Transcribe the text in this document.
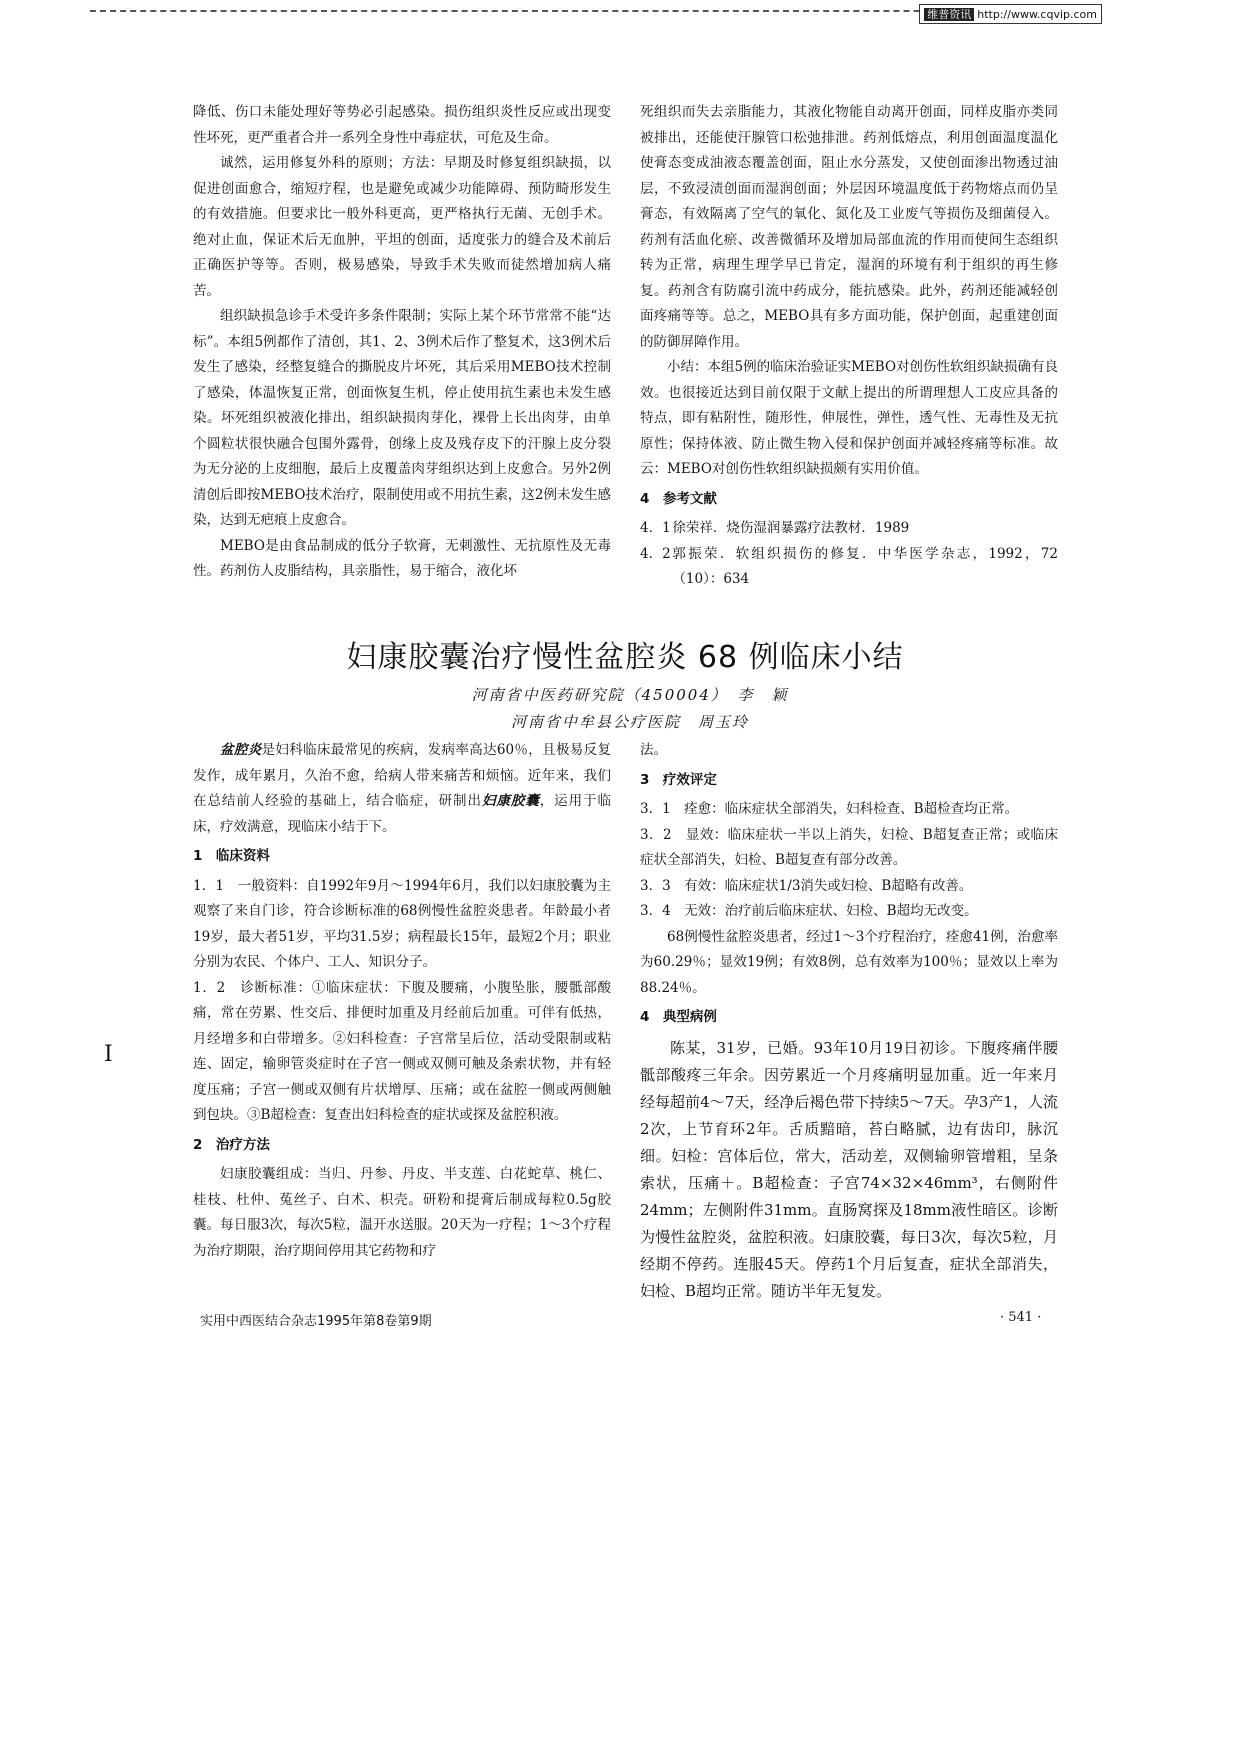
维普资讯 http://www.cqvip.com

降低、伤口未能处理好等势必引起感染。损伤组织炎性反应或出现变性坏死，更严重者合并一系列全身性中毒症状，可危及生命。

诚然，运用修复外科的原则；方法：早期及时修复组织缺损，以促进创面愈合，缩短疗程，也是避免或减少功能障碍、预防畸形发生的有效措施。但要求比一般外科更高，更严格执行无菌、无创手术。绝对止血，保证术后无血肿，平坦的创面，适度张力的缝合及术前后正确医护等等。否则，极易感染，导致手术失败而徒然增加病人痛苦。

组织缺损急诊手术受许多条件限制；实际上某个环节常常不能“达标”。本组5例都作了清创，其1、2、3例术后作了整复术，这3例术后发生了感染，经整复缝合的撕脱皮片坏死，其后采用MEBO技术控制了感染，体温恢复正常，创面恢复生机，停止使用抗生素也未发生感染。坏死组织被液化排出，组织缺损肉芽化，裸骨上长出肉芽，由单个圆粒状很快融合包围外露骨，创缘上皮及残存皮下的汗腺上皮分裂为无分泌的上皮细胞，最后上皮覆盖肉芽组织达到上皮愈合。另外2例清创后即按MEBO技术治疗，限制使用或不用抗生素，这2例未发生感染，达到无疤痕上皮愈合。

MEBO是由食品制成的低分子软膏，无刺激性、无抗原性及无毒性。药剂仿人皮脂结构，具亲脂性，易于缩合，液化坏

死组织而失去亲脂能力，其液化物能自动离开创面，同样皮脂亦类同被排出，还能使汗腺管口松弛排泄。药剂低熔点，利用创面温度温化使膏态变成油液态覆盖创面，阻止水分蒸发，又使创面渗出物透过油层，不致浸渍创面而湿润创面；外层因环境温度低于药物熔点而仍呈膏态，有效隔离了空气的氧化、氮化及工业废气等损伤及细菌侵入。药剂有活血化瘀、改善微循环及增加局部血流的作用而使间生态组织转为正常，病理生理学早已肯定，湿润的环境有利于组织的再生修复。药剂含有防腐引流中药成分，能抗感染。此外，药剂还能减轻创面疼痛等等。总之，MEBO具有多方面功能，保护创面，起重建创面的防御屏障作用。

小结：本组5例的临床治验证实MEBO对创伤性软组织缺损确有良效。也很接近达到目前仅限于文献上提出的所谓理想人工皮应具备的特点，即有粘附性，随形性，伸展性，弹性，透气性、无毒性及无抗原性；保持体液、防止微生物入侵和保护创面并减轻疼痛等标准。故云：MEBO对创伤性软组织缺损颇有实用价值。

4　参考文献
4．1 徐荣祥．烧伤湿润暴露疗法教材．1989
4．2 郭振荣．软组织损伤的修复．中华医学杂志，1992，72（10）：634
妇康胶囊治疗慢性盆腔炎 68 例临床小结
河南省中医药研究院（450004）　李　颖
河南省中牟县公疗医院　周玉玲

盆腔炎是妇科临床最常见的疾病，发病率高达60％，且极易反复发作，成年累月，久治不愈，给病人带来痛苦和烦恼。近年来，我们在总结前人经验的基础上，结合临症，研制出妇康胶囊，运用于临床，疗效满意，现临床小结于下。

1　临床资料

1．1　一般资料：自1992年9月～1994年6月，我们以妇康胶囊为主观察了来自门诊，符合诊断标准的68例慢性盆腔炎患者。年龄最小者19岁，最大者51岁，平均31.5岁；病程最长15年，最短2个月；职业分别为农民、个体户、工人、知识分子。

1．2　诊断标准：①临床症状：下腹及腰痛，小腹坠胀，腰骶部酸痛，常在劳累、性交后、排便时加重及月经前后加重。可伴有低热，月经增多和白带增多。②妇科检查：子宫常呈后位，活动受限制或粘连、固定，输卵管炎症时在子宫一侧或双侧可触及条索状物，并有轻度压痛；子宫一侧或双侧有片状增厚、压痛；或在盆腔一侧或两侧触到包块。③B超检查：复查出妇科检查的症状或探及盆腔积液。

2　治疗方法

妇康胶囊组成：当归、丹参、丹皮、半支莲、白花蛇草、桃仁、桂枝、杜仲、菟丝子、白术、枳壳。研粉和提膏后制成每粒0.5g胶囊。每日服3次，每次5粒，温开水送服。20天为一疗程；1～3个疗程为治疗期限，治疗期间停用其它药物和疗

法。

3　疗效评定

3．1　痊愈：临床症状全部消失，妇科检查、B超检查均正常。

3．2　显效：临床症状一半以上消失，妇检、B超复查正常；或临床症状全部消失，妇检、B超复查有部分改善。

3．3　有效：临床症状1/3消失或妇检、B超略有改善。

3．4　无效：治疗前后临床症状、妇检、B超均无改变。

68例慢性盆腔炎患者，经过1～3个疗程治疗，痊愈41例，治愈率为60.29％；显效19例；有效8例，总有效率为100％；显效以上率为88.24％。

4　典型病例

陈某，31岁，已婚。93年10月19日初诊。下腹疼痛伴腰骶部酸疼三年余。因劳累近一个月疼痛明显加重。近一年来月经每超前4～7天，经净后褐色带下持续5～7天。孕3产1，人流2次，上节育环2年。舌质黯暗，苔白略腻，边有齿印，脉沉细。妇检：宫体后位，常大，活动差，双侧输卵管增粗，呈条索状，压痛＋。B超检查：子宫74×32×46mm³，右侧附件24mm；左侧附件31mm。直肠窝探及18mm液性暗区。诊断为慢性盆腔炎，盆腔积液。妇康胶囊，每日3次，每次5粒，月经期不停药。连服45天。停药1个月后复查，症状全部消失，妇检、B超均正常。随访半年无复发。

I
实用中西医结合杂志1995年第8卷第9期	· 541 ·
